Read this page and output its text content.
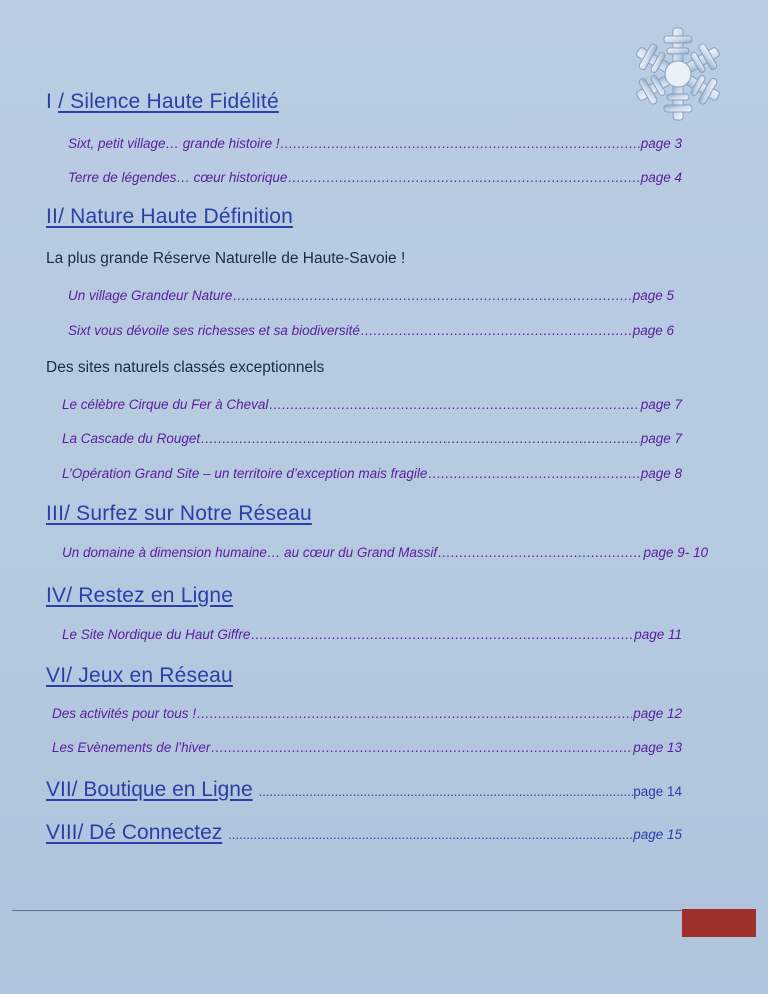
I / Silence Haute Fidélité
Sixt, petit village… grande histoire ! .....	page 3
Terre de légendes… cœur historique .....	page 4
II/ Nature Haute Définition
La plus grande Réserve Naturelle de Haute-Savoie !
Un village Grandeur Nature .....	page 5
Sixt vous dévoile ses richesses et sa biodiversité .....	page 6
Des sites naturels classés exceptionnels
Le célèbre Cirque du Fer à Cheval .....	page 7
La Cascade du Rouget .....	page 7
L’Opération Grand Site – un territoire d’exception mais fragile .....	page 8
III/ Surfez sur Notre Réseau
Un domaine à dimension humaine… au cœur du Grand Massif .....	page 9- 10
IV/ Restez en Ligne
Le Site Nordique du Haut Giffre .....	page 11
VI/ Jeux en Réseau
Des activités pour tous ! .....	page 12
Les Evènements de l’hiver .....	page 13
VII/ Boutique en Ligne .....	page 14
VIII/ Dé Connectez .....	page 15
